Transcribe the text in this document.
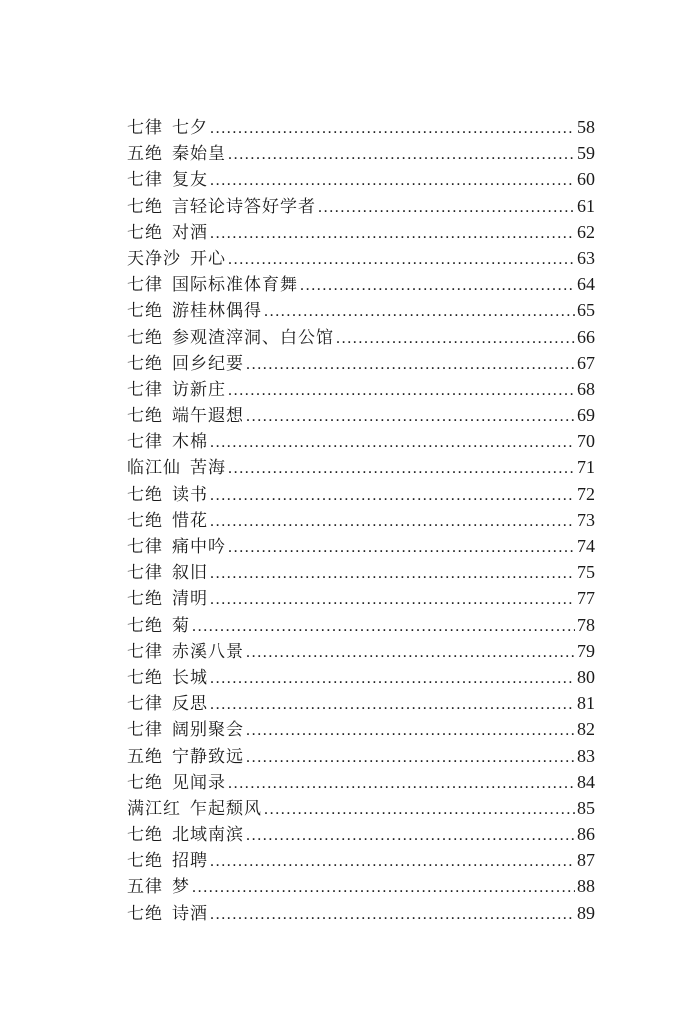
七律 七夕 .....	58
五绝 秦始皇 .....	59
七律 复友 .....	60
七绝 言轻论诗答好学者 .....	61
七绝 对酒 .....	62
天净沙 开心 .....	63
七律 国际标准体育舞 .....	64
七绝 游桂林偶得 .....	65
七绝 参观渣滓洞、白公馆 .....	66
七绝 回乡纪要 .....	67
七律 访新庄 .....	68
七绝 端午遐想 .....	69
七律 木棉 .....	70
临江仙 苦海 .....	71
七绝 读书 .....	72
七绝 惜花 .....	73
七律 痛中吟 .....	74
七律 叙旧 .....	75
七绝 清明 .....	77
七绝 菊 .....	78
七律 赤溪八景 .....	79
七绝 长城 .....	80
七律 反思 .....	81
七律 阔别聚会 .....	82
五绝 宁静致远 .....	83
七绝 见闻录 .....	84
满江红 乍起颓风 .....	85
七绝 北域南滨 .....	86
七绝 招聘 .....	87
五律 梦 .....	88
七绝 诗酒 .....	89
